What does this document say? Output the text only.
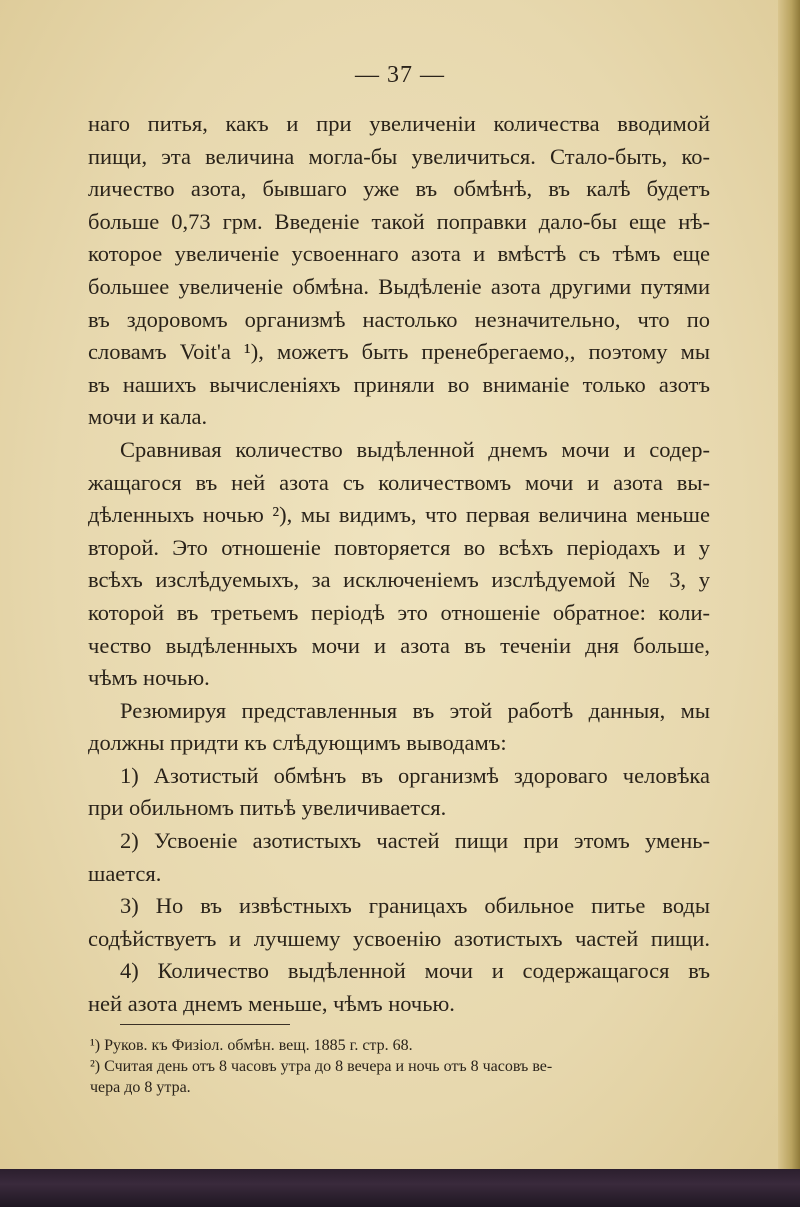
— 37 —
наго питья, какъ и при увеличеніи количества вводимой
пищи, эта величина могла-бы увеличиться. Стало-быть, ко-
личество азота, бывшаго уже въ обмѣнѣ, въ калѣ будетъ
больше 0,73 грм. Введеніе такой поправки дало-бы еще нѣ-
которое увеличеніе усвоеннаго азота и вмѣстѣ съ тѣмъ еще
большее увеличеніе обмѣна. Выдѣленіе азота другими путями
въ здоровомъ организмѣ настолько незначительно, что по
словамъ Voit'a ¹), можетъ быть пренебрегаемо,, поэтому мы
въ нашихъ вычисленіяхъ приняли во вниманіе только азотъ
мочи и кала.
Сравнивая количество выдѣленной днемъ мочи и содер-
жащагося въ ней азота съ количествомъ мочи и азота вы-
дѣленныхъ ночью ²), мы видимъ, что первая величина меньше
второй. Это отношеніе повторяется во всѣхъ періодахъ и у
всѣхъ изслѣдуемыхъ, за исключеніемъ изслѣдуемой № 3, у
которой въ третьемъ періодѣ это отношеніе обратное: коли-
чество выдѣленныхъ мочи и азота въ теченіи дня больше,
чѣмъ ночью.
Резюмируя представленныя въ этой работѣ данныя, мы
должны придти къ слѣдующимъ выводамъ:
1) Азотистый обмѣнъ въ организмѣ здороваго человѣка
при обильномъ питьѣ увеличивается.
2) Усвоеніе азотистыхъ частей пищи при этомъ умень-
шается.
3) Но въ извѣстныхъ границахъ обильное питье воды
содѣйствуетъ и лучшему усвоенію азотистыхъ частей пищи.
4) Количество выдѣленной мочи и содержащагося въ
ней азота днемъ меньше, чѣмъ ночью.
¹) Руков. къ Физіол. обмѣн. вещ. 1885 г. стр. 68.
²) Считая день отъ 8 часовъ утра до 8 вечера и ночь отъ 8 часовъ ве-
чера до 8 утра.
